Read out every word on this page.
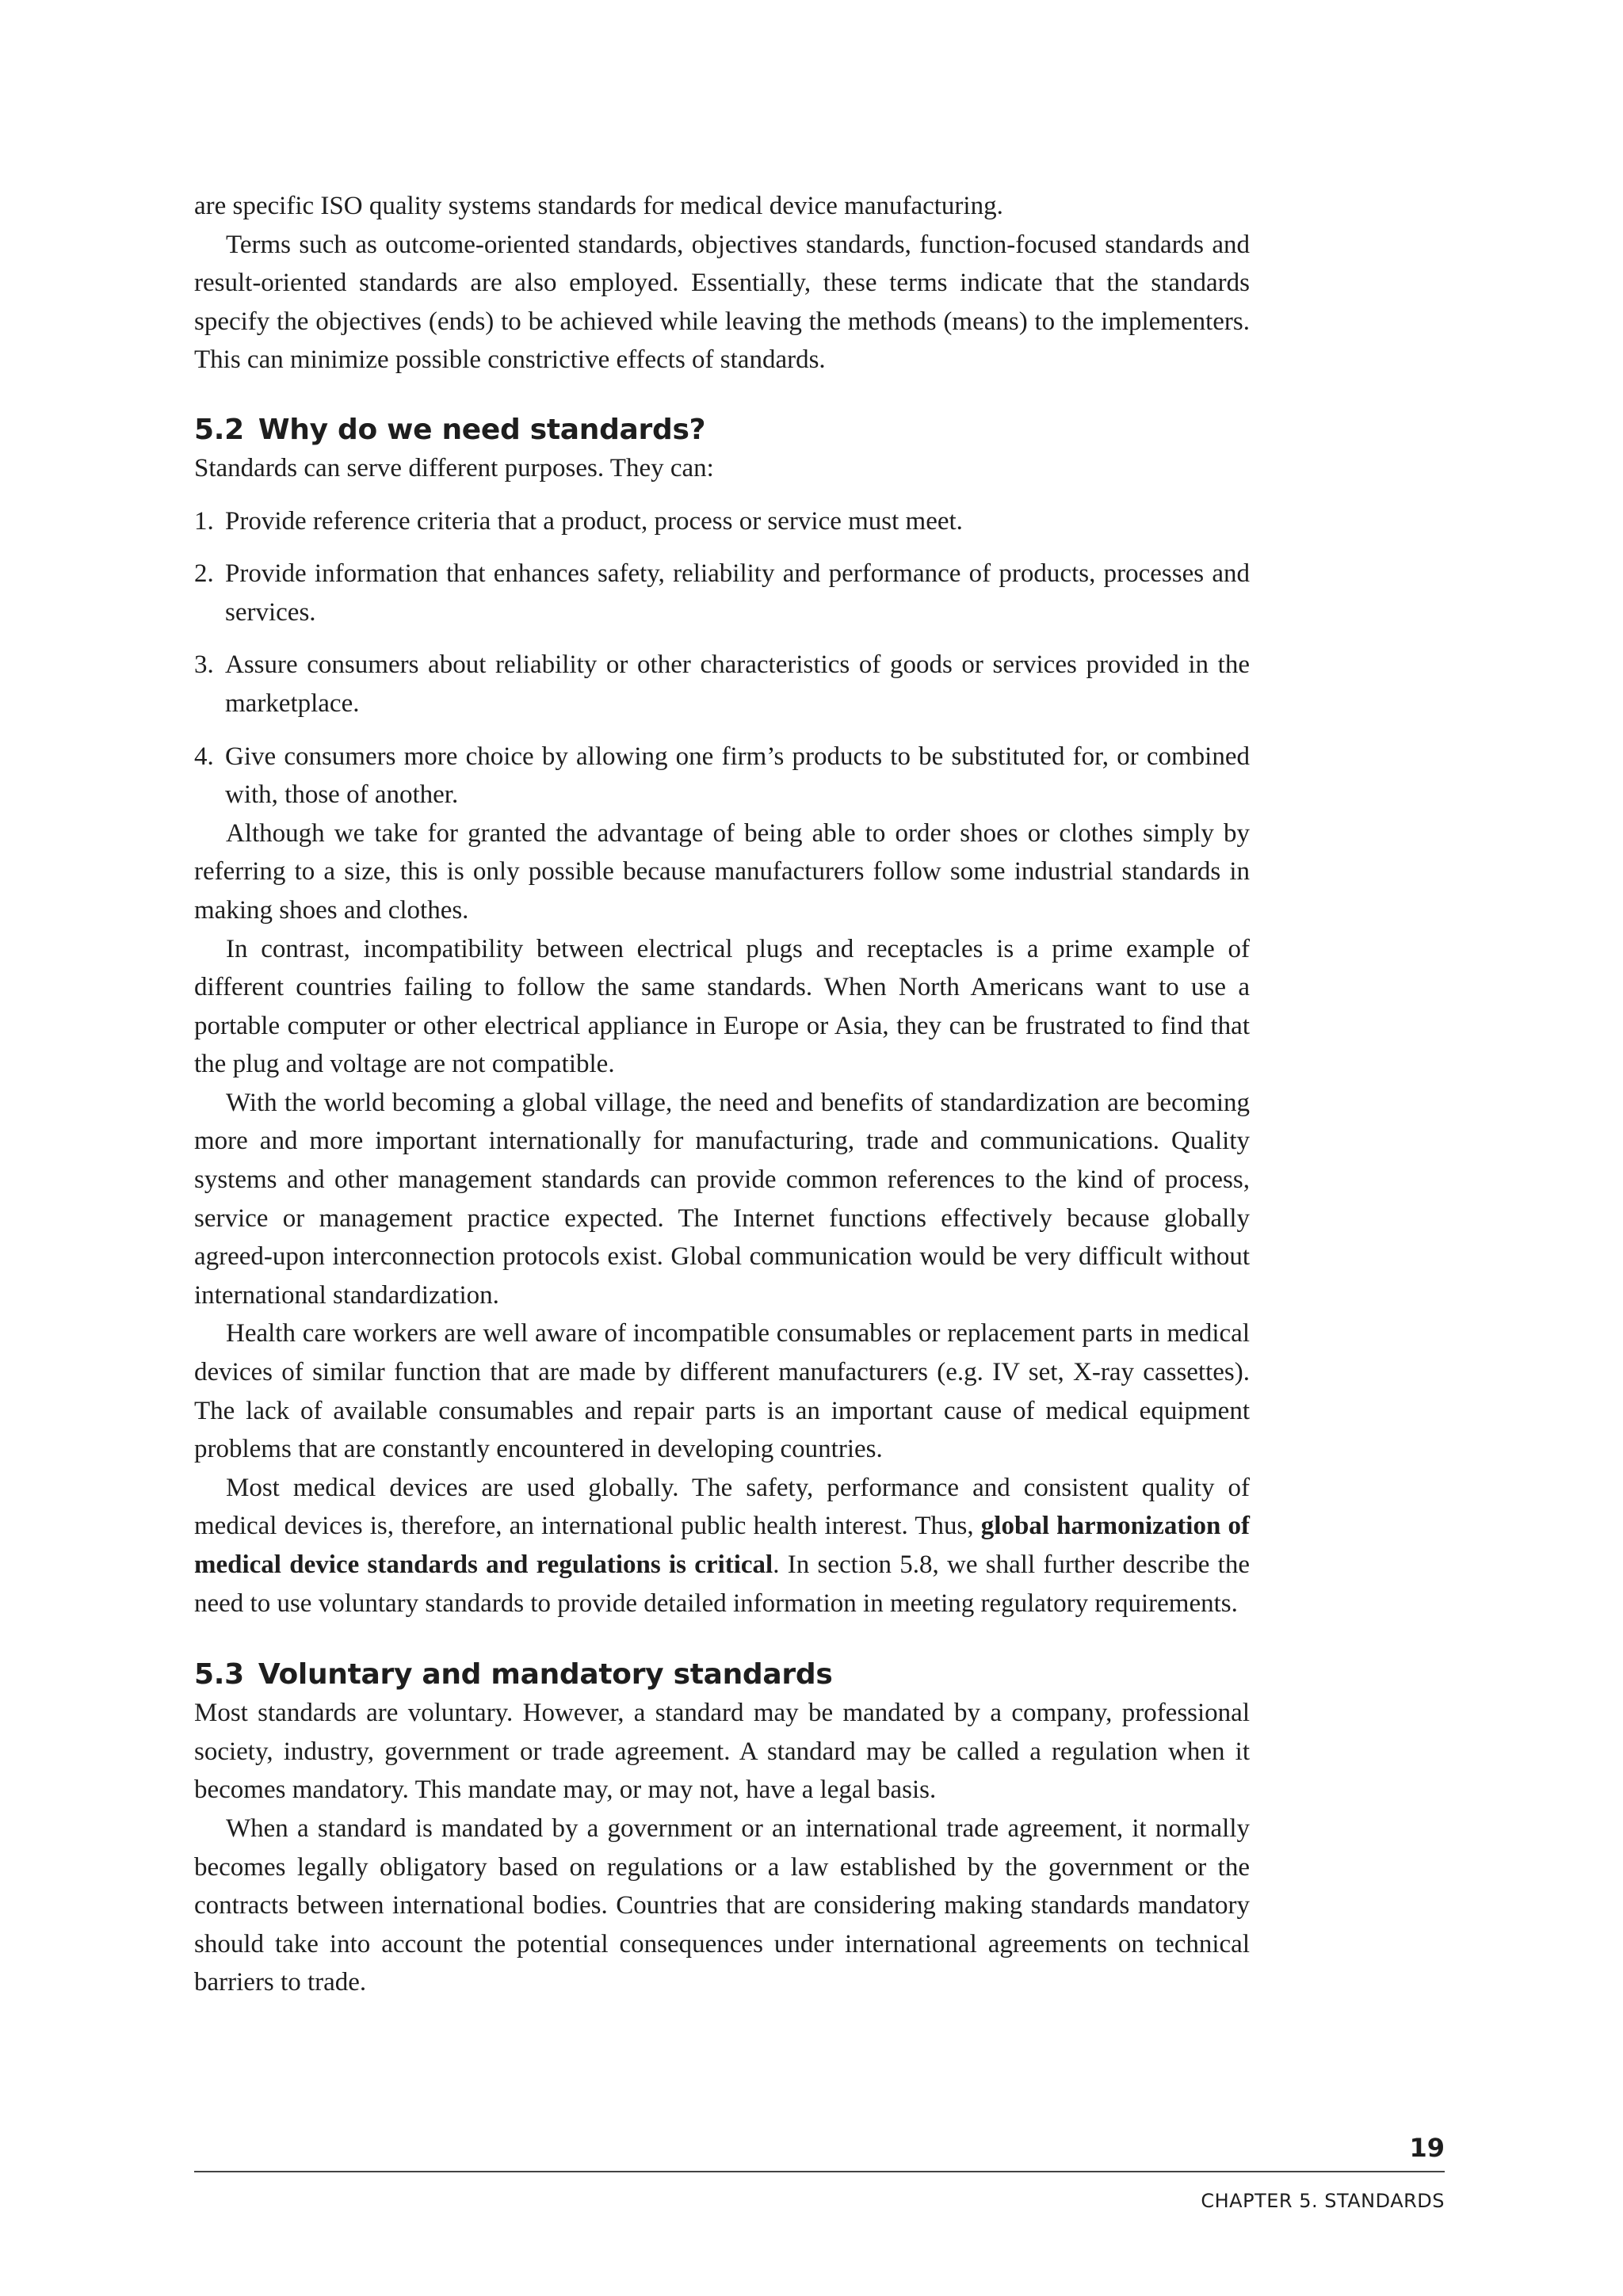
are specific ISO quality systems standards for medical device manufacturing.

Terms such as outcome-oriented standards, objectives standards, function-focused standards and result-oriented standards are also employed. Essentially, these terms indicate that the standards specify the objectives (ends) to be achieved while leaving the methods (means) to the implementers. This can minimize possible constrictive effects of standards.

5.2 Why do we need standards?

Standards can serve different purposes. They can:

1. Provide reference criteria that a product, process or service must meet.
2. Provide information that enhances safety, reliability and performance of products, processes and services.
3. Assure consumers about reliability or other characteristics of goods or services provided in the marketplace.
4. Give consumers more choice by allowing one firm’s products to be substituted for, or combined with, those of another.

Although we take for granted the advantage of being able to order shoes or clothes simply by referring to a size, this is only possible because manufacturers follow some industrial standards in making shoes and clothes.

In contrast, incompatibility between electrical plugs and receptacles is a prime example of different countries failing to follow the same standards. When North Americans want to use a portable computer or other electrical appliance in Europe or Asia, they can be frustrated to find that the plug and voltage are not compatible.

With the world becoming a global village, the need and benefits of standardization are becoming more and more important internationally for manufacturing, trade and communications. Quality systems and other management standards can provide common references to the kind of process, service or management practice expected. The Internet functions effectively because globally agreed-upon interconnection protocols exist. Global communication would be very difficult without international standardization.

Health care workers are well aware of incompatible consumables or replacement parts in medical devices of similar function that are made by different manufacturers (e.g. IV set, X-ray cassettes). The lack of available consumables and repair parts is an important cause of medical equipment problems that are constantly encountered in developing countries.

Most medical devices are used globally. The safety, performance and consistent quality of medical devices is, therefore, an international public health interest. Thus, global harmonization of medical device standards and regulations is critical. In section 5.8, we shall further describe the need to use voluntary standards to provide detailed information in meeting regulatory requirements.

5.3 Voluntary and mandatory standards

Most standards are voluntary. However, a standard may be mandated by a company, professional society, industry, government or trade agreement. A standard may be called a regulation when it becomes mandatory. This mandate may, or may not, have a legal basis.

When a standard is mandated by a government or an international trade agreement, it normally becomes legally obligatory based on regulations or a law established by the government or the contracts between international bodies. Countries that are considering making standards mandatory should take into account the potential consequences under international agreements on technical barriers to trade.

19
CHAPTER 5. STANDARDS
